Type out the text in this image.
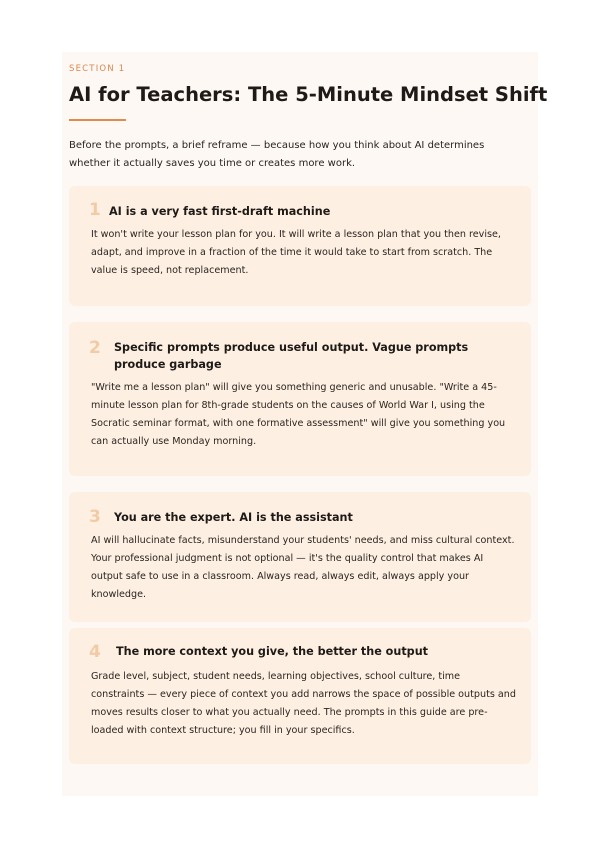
SECTION 1
AI for Teachers: The 5-Minute Mindset Shift
Before the prompts, a brief reframe — because how you think about AI determines whether it actually saves you time or creates more work.
1 AI is a very fast first-draft machine
It won't write your lesson plan for you. It will write a lesson plan that you then revise, adapt, and improve in a fraction of the time it would take to start from scratch. The value is speed, not replacement.
2 Specific prompts produce useful output. Vague prompts produce garbage
"Write me a lesson plan" will give you something generic and unusable. "Write a 45-minute lesson plan for 8th-grade students on the causes of World War I, using the Socratic seminar format, with one formative assessment" will give you something you can actually use Monday morning.
3 You are the expert. AI is the assistant
AI will hallucinate facts, misunderstand your students' needs, and miss cultural context. Your professional judgment is not optional — it's the quality control that makes AI output safe to use in a classroom. Always read, always edit, always apply your knowledge.
4 The more context you give, the better the output
Grade level, subject, student needs, learning objectives, school culture, time constraints — every piece of context you add narrows the space of possible outputs and moves results closer to what you actually need. The prompts in this guide are pre-loaded with context structure; you fill in your specifics.
